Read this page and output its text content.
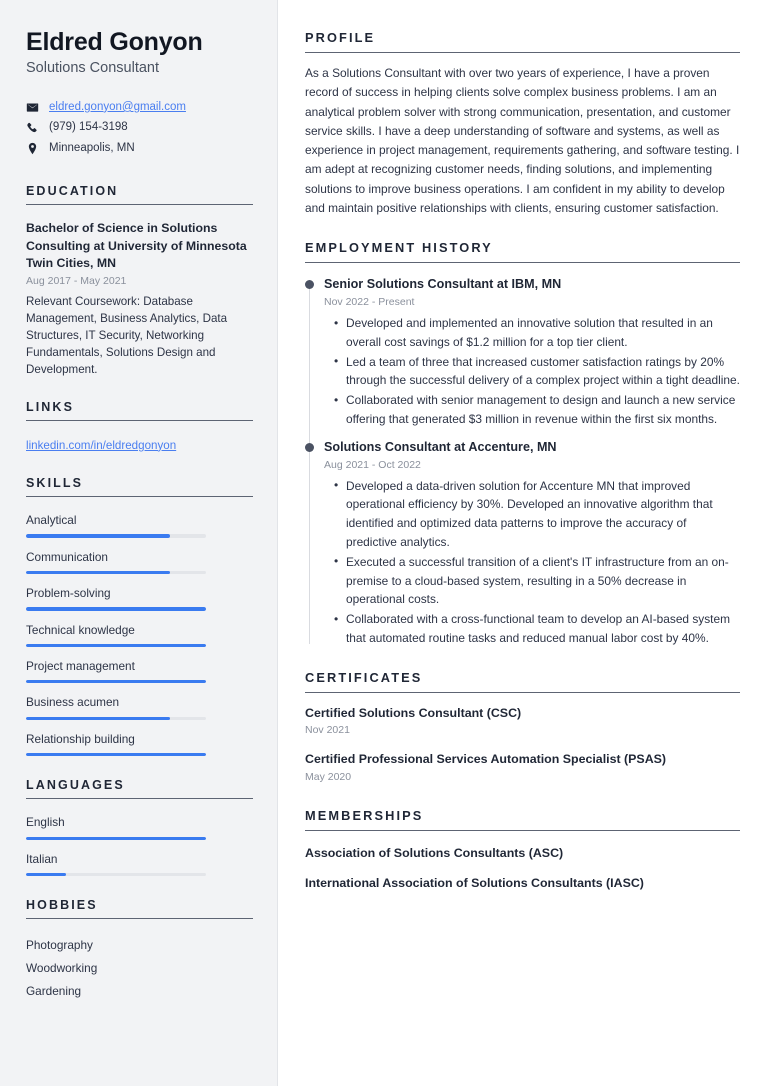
Eldred Gonyon
Solutions Consultant
eldred.gonyon@gmail.com
(979) 154-3198
Minneapolis, MN
EDUCATION
Bachelor of Science in Solutions Consulting at University of Minnesota Twin Cities, MN
Aug 2017 - May 2021
Relevant Coursework: Database Management, Business Analytics, Data Structures, IT Security, Networking Fundamentals, Solutions Design and Development.
LINKS
linkedin.com/in/eldredgonyon
SKILLS
Analytical
Communication
Problem-solving
Technical knowledge
Project management
Business acumen
Relationship building
LANGUAGES
English
Italian
HOBBIES
Photography
Woodworking
Gardening
PROFILE

As a Solutions Consultant with over two years of experience, I have a proven record of success in helping clients solve complex business problems. I am an analytical problem solver with strong communication, presentation, and customer service skills. I have a deep understanding of software and systems, as well as experience in project management, requirements gathering, and software testing. I am adept at recognizing customer needs, finding solutions, and implementing solutions to improve business operations. I am confident in my ability to develop and maintain positive relationships with clients, ensuring customer satisfaction.

EMPLOYMENT HISTORY
Senior Solutions Consultant at IBM, MN
Nov 2022 - Present
• Developed and implemented an innovative solution that resulted in an overall cost savings of $1.2 million for a top tier client.
• Led a team of three that increased customer satisfaction ratings by 20% through the successful delivery of a complex project within a tight deadline.
• Collaborated with senior management to design and launch a new service offering that generated $3 million in revenue within the first six months.
Solutions Consultant at Accenture, MN
Aug 2021 - Oct 2022
• Developed a data-driven solution for Accenture MN that improved operational efficiency by 30%. Developed an innovative algorithm that identified and optimized data patterns to improve the accuracy of predictive analytics.
• Executed a successful transition of a client's IT infrastructure from an on-premise to a cloud-based system, resulting in a 50% decrease in operational costs.
• Collaborated with a cross-functional team to develop an AI-based system that automated routine tasks and reduced manual labor cost by 40%.
CERTIFICATES
Certified Solutions Consultant (CSC)
Nov 2021
Certified Professional Services Automation Specialist (PSAS)
May 2020
MEMBERSHIPS
Association of Solutions Consultants (ASC)
International Association of Solutions Consultants (IASC)
